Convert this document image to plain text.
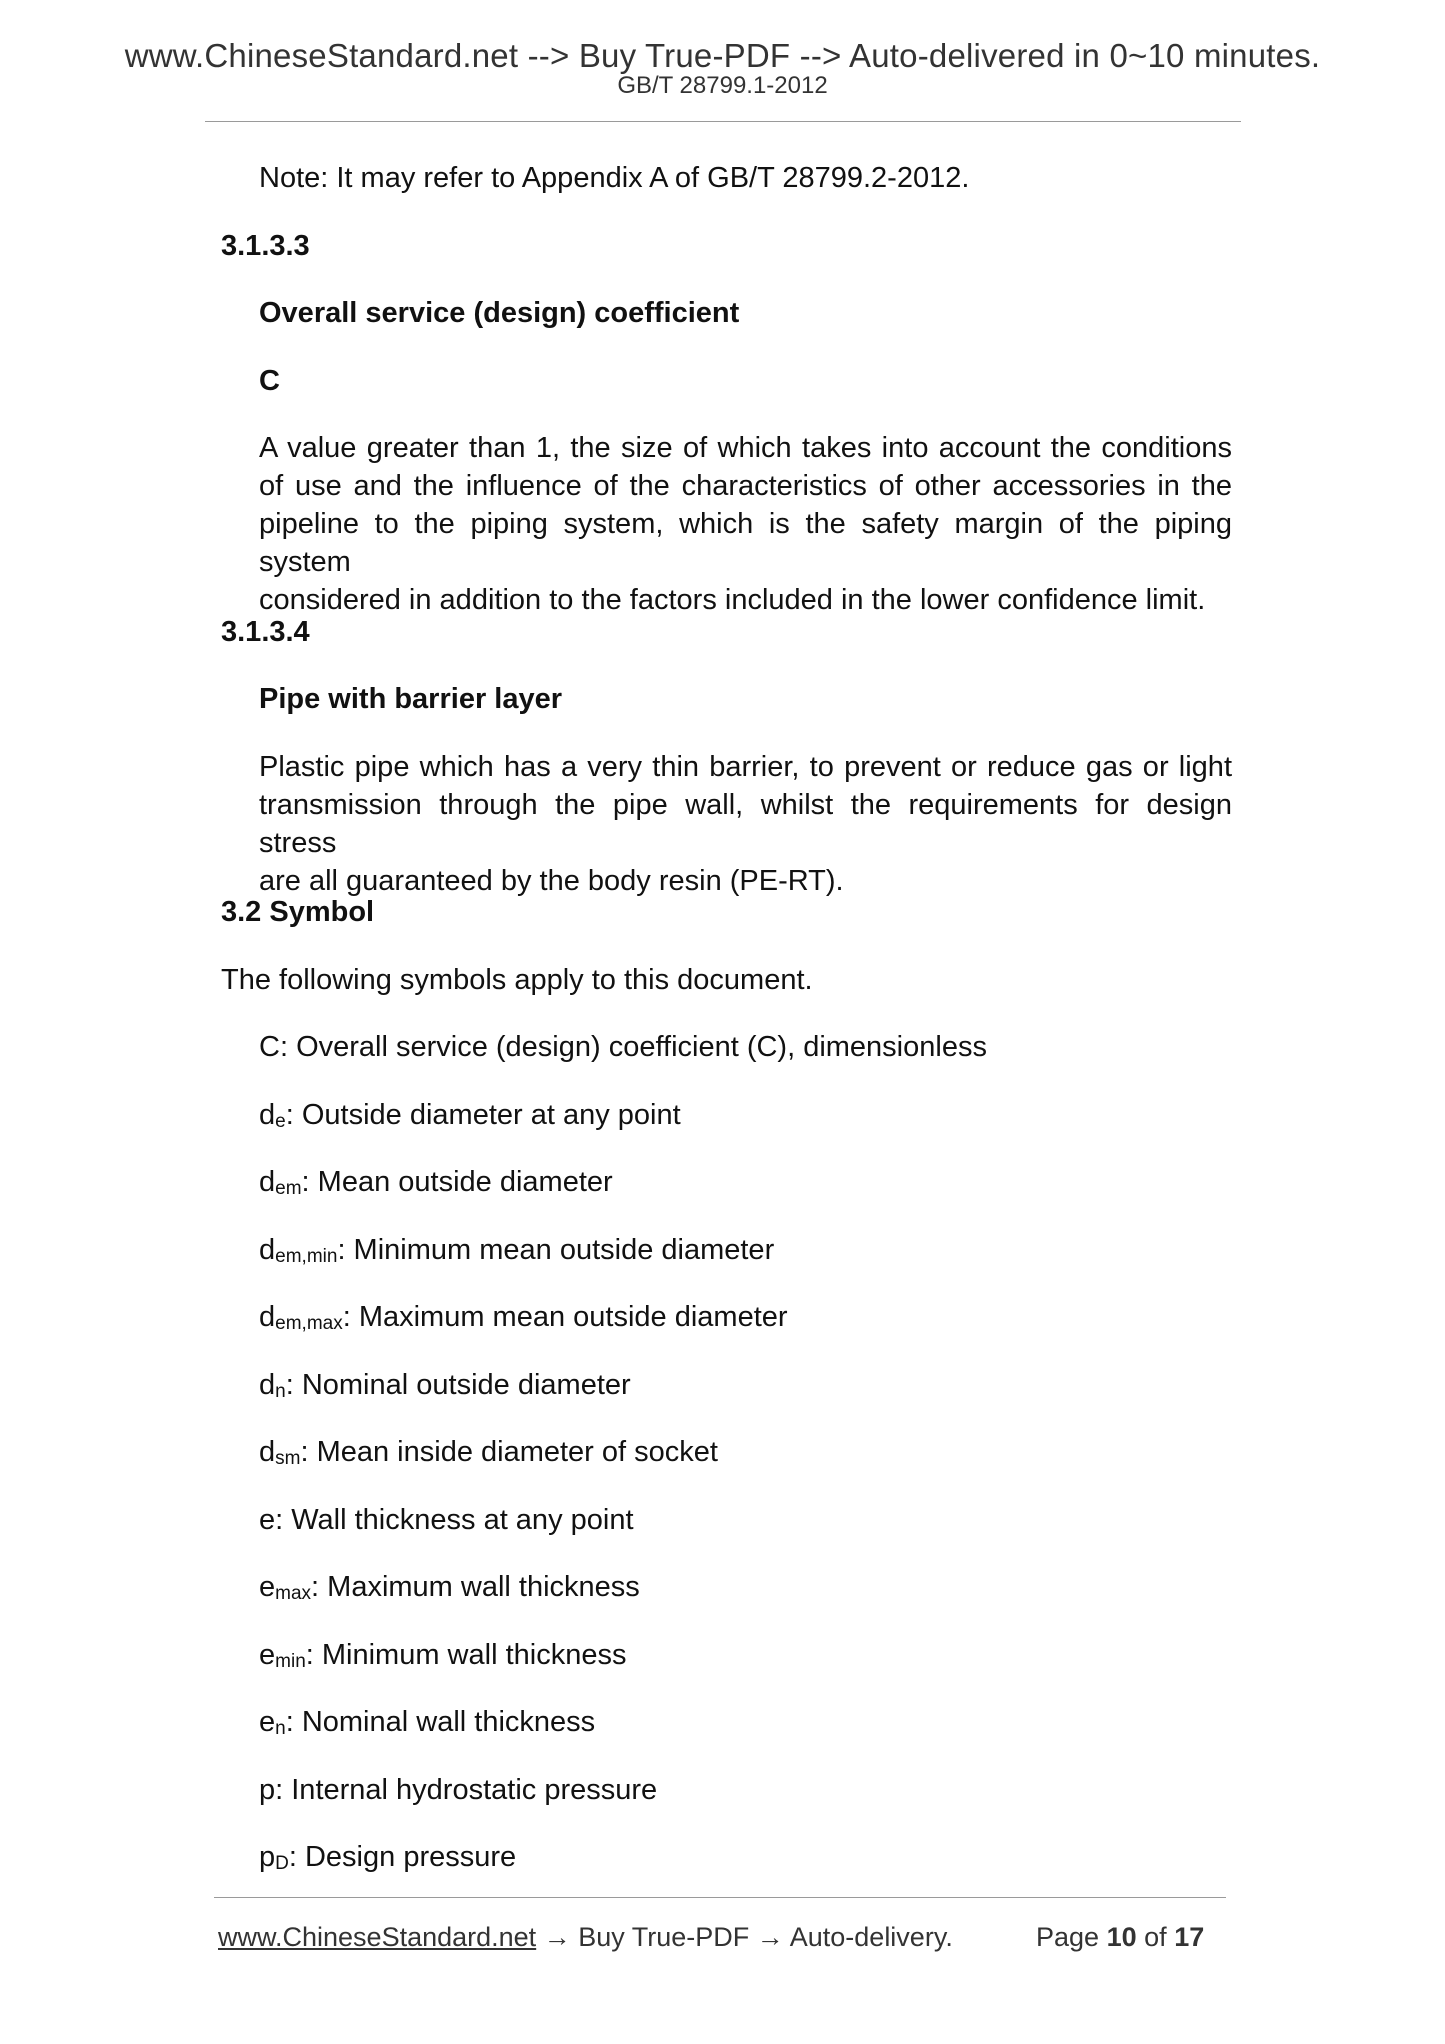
www.ChineseStandard.net --> Buy True-PDF --> Auto-delivered in 0~10 minutes.
GB/T 28799.1-2012
Note: It may refer to Appendix A of GB/T 28799.2-2012.
3.1.3.3
Overall service (design) coefficient
C
A value greater than 1, the size of which takes into account the conditions of use and the influence of the characteristics of other accessories in the pipeline to the piping system, which is the safety margin of the piping system
considered in addition to the factors included in the lower confidence limit.
3.1.3.4
Pipe with barrier layer
Plastic pipe which has a very thin barrier, to prevent or reduce gas or light transmission through the pipe wall, whilst the requirements for design stress
are all guaranteed by the body resin (PE-RT).
3.2 Symbol
The following symbols apply to this document.
C: Overall service (design) coefficient (C), dimensionless
$d_e$: Outside diameter at any point
$d_{em}$: Mean outside diameter
$d_{em,min}$: Minimum mean outside diameter
$d_{em,max}$: Maximum mean outside diameter
$d_n$: Nominal outside diameter
$d_{sm}$: Mean inside diameter of socket
e: Wall thickness at any point
$e_{max}$: Maximum wall thickness
$e_{min}$: Minimum wall thickness
$e_n$: Nominal wall thickness
p: Internal hydrostatic pressure
$p_D$: Design pressure
www.ChineseStandard.net → Buy True-PDF → Auto-delivery.	Page 10 of 17
